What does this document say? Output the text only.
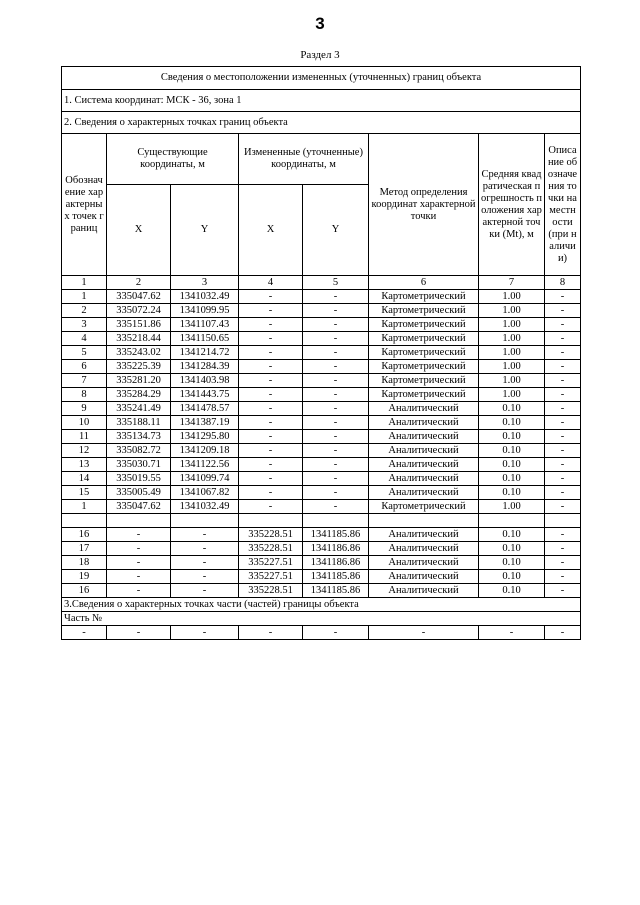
3
Раздел 3
Сведения о местоположении измененных (уточненных) границ объекта							
1. Система координат: МСК - 36, зона 1							
2. Сведения о характерных точках границ объекта							
Обозначение характерных точек границ	Существующие координаты, м		Измененные (уточненные) координаты, м		Метод определения координат характерной точки	Средняя квадратическая погрешность положения характерной точки (Mt), м	Описание обозначения точки на местности (при наличии)
	X	Y	X	Y			
1	2	3	4	5	6	7	8
1	335047.62	1341032.49	-	-	Картометрический	1.00	-
2	335072.24	1341099.95	-	-	Картометрический	1.00	-
3	335151.86	1341107.43	-	-	Картометрический	1.00	-
4	335218.44	1341150.65	-	-	Картометрический	1.00	-
5	335243.02	1341214.72	-	-	Картометрический	1.00	-
6	335225.39	1341284.39	-	-	Картометрический	1.00	-
7	335281.20	1341403.98	-	-	Картометрический	1.00	-
8	335284.29	1341443.75	-	-	Картометрический	1.00	-
9	335241.49	1341478.57	-	-	Аналитический	0.10	-
10	335188.11	1341387.19	-	-	Аналитический	0.10	-
11	335134.73	1341295.80	-	-	Аналитический	0.10	-
12	335082.72	1341209.18	-	-	Аналитический	0.10	-
13	335030.71	1341122.56	-	-	Аналитический	0.10	-
14	335019.55	1341099.74	-	-	Аналитический	0.10	-
15	335005.49	1341067.82	-	-	Аналитический	0.10	-
1	335047.62	1341032.49	-	-	Картометрический	1.00	-

16	-	-	335228.51	1341185.86	Аналитический	0.10	-
17	-	-	335228.51	1341186.86	Аналитический	0.10	-
18	-	-	335227.51	1341186.86	Аналитический	0.10	-
19	-	-	335227.51	1341185.86	Аналитический	0.10	-
16	-	-	335228.51	1341185.86	Аналитический	0.10	-
3.Сведения о характерных точках части (частей) границы объекта							
Часть №							
-	-	-	-	-	-	-	-
